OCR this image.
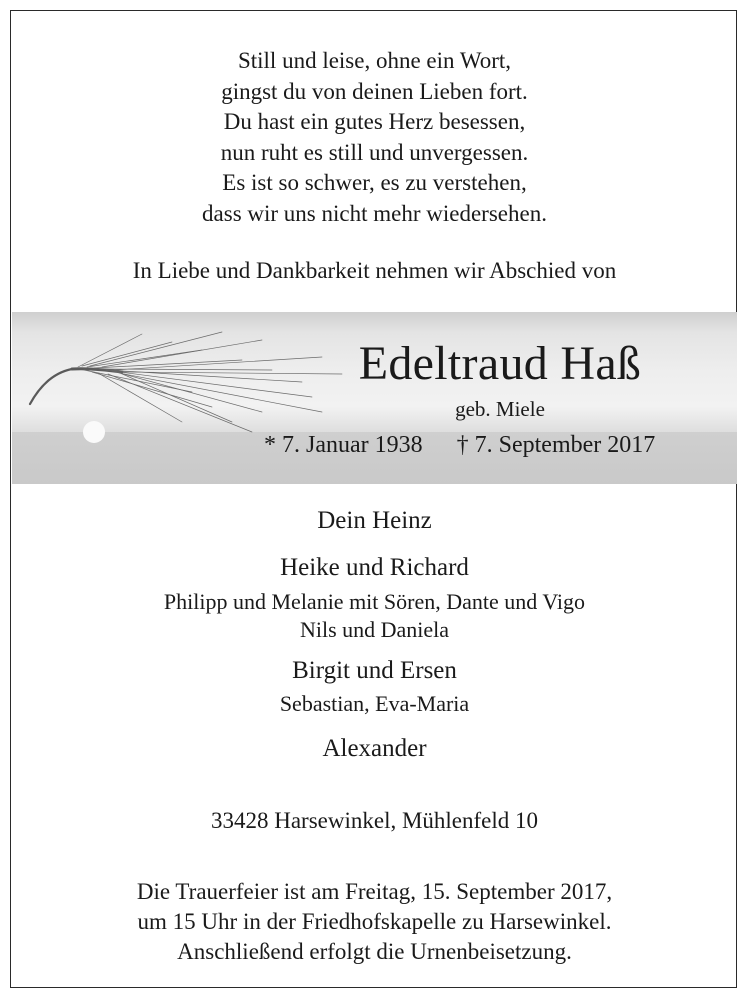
Still und leise, ohne ein Wort,
gingst du von deinen Lieben fort.
Du hast ein gutes Herz besessen,
nun ruht es still und unvergessen.
Es ist so schwer, es zu verstehen,
dass wir uns nicht mehr wiedersehen.
In Liebe und Dankbarkeit nehmen wir Abschied von
Edeltraud Haß
geb. Miele
* 7. Januar 1938 † 7. September 2017
Dein Heinz
Heike und Richard
Philipp und Melanie mit Sören, Dante und Vigo
Nils und Daniela
Birgit und Ersen
Sebastian, Eva-Maria
Alexander
33428 Harsewinkel, Mühlenfeld 10
Die Trauerfeier ist am Freitag, 15. September 2017,
um 15 Uhr in der Friedhofskapelle zu Harsewinkel.
Anschließend erfolgt die Urnenbeisetzung.
